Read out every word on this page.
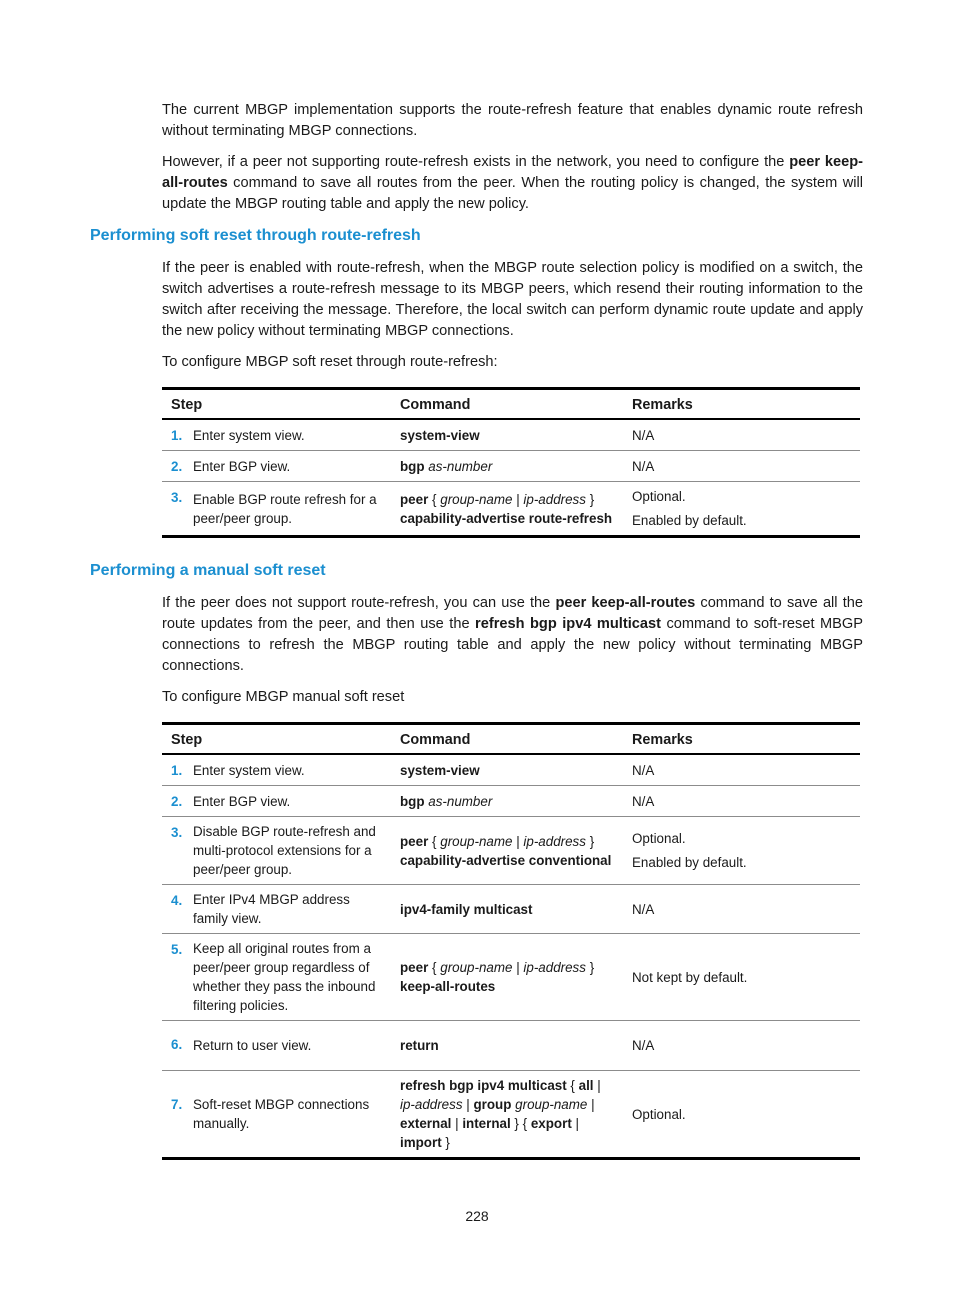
The current MBGP implementation supports the route-refresh feature that enables dynamic route refresh without terminating MBGP connections.

However, if a peer not supporting route-refresh exists in the network, you need to configure the peer keep-all-routes command to save all routes from the peer. When the routing policy is changed, the system will update the MBGP routing table and apply the new policy.

Performing soft reset through route-refresh

If the peer is enabled with route-refresh, when the MBGP route selection policy is modified on a switch, the switch advertises a route-refresh message to its MBGP peers, which resend their routing information to the switch after receiving the message. Therefore, the local switch can perform dynamic route update and apply the new policy without terminating MBGP connections.

To configure MBGP soft reset through route-refresh:

Step		Command	Remarks
1.	Enter system view.	system-view	N/A
2.	Enter BGP view.	bgp as-number	N/A
3.	Enable BGP route refresh for a peer/peer group.	peer { group-name | ip-address }
capability-advertise route-refresh	Optional.
Enabled by default.
Performing a manual soft reset

If the peer does not support route-refresh, you can use the peer keep-all-routes command to save all the route updates from the peer, and then use the refresh bgp ipv4 multicast command to soft-reset MBGP connections to refresh the MBGP routing table and apply the new policy without terminating MBGP connections.

To configure MBGP manual soft reset

Step		Command	Remarks
1.	Enter system view.	system-view	N/A
2.	Enter BGP view.	bgp as-number	N/A
3.	Disable BGP route-refresh and multi-protocol extensions for a peer/peer group.	peer { group-name | ip-address }
capability-advertise conventional	Optional.
Enabled by default.
4.	Enter IPv4 MBGP address family view.	ipv4-family multicast	N/A
5.	Keep all original routes from a peer/peer group regardless of whether they pass the inbound filtering policies.	peer { group-name | ip-address }
keep-all-routes	Not kept by default.
6.	Return to user view.	return	N/A
7.	Soft-reset MBGP connections manually.	refresh bgp ipv4 multicast { all |
ip-address | group group-name |
external | internal } { export |
import }	Optional.
228
